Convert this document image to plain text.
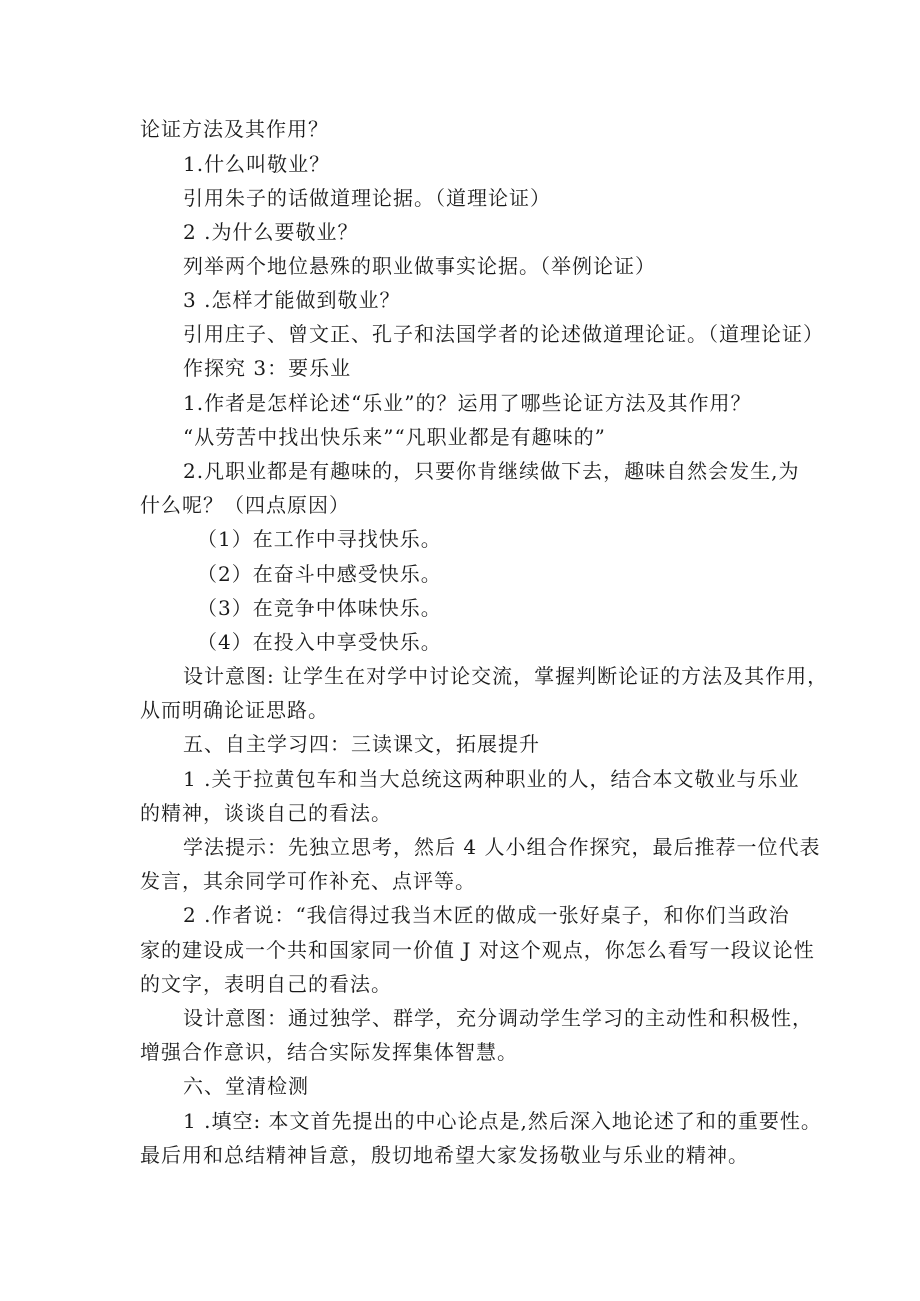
论证方法及其作用？
1.什么叫敬业？
引用朱子的话做道理论据。（道理论证）
2 .为什么要敬业？
列举两个地位悬殊的职业做事实论据。（举例论证）
3 .怎样才能做到敬业？
引用庄子、曾文正、孔子和法国学者的论述做道理论证。（道理论证）
作探究 3：要乐业
1.作者是怎样论述“乐业”的？运用了哪些论证方法及其作用？
“从劳苦中找出快乐来”“凡职业都是有趣味的”
2.凡职业都是有趣味的，只要你肯继续做下去，趣味自然会发生,为
什么呢？（四点原因）
（1）在工作中寻找快乐。
（2）在奋斗中感受快乐。
（3）在竞争中体味快乐。
（4）在投入中享受快乐。
设计意图: 让学生在对学中讨论交流，掌握判断论证的方法及其作用，
从而明确论证思路。
五、自主学习四：三读课文，拓展提升
1 .关于拉黄包车和当大总统这两种职业的人，结合本文敬业与乐业
的精神，谈谈自己的看法。
学法提示：先独立思考，然后 4 人小组合作探究，最后推荐一位代表
发言，其余同学可作补充、点评等。
2 .作者说：“我信得过我当木匠的做成一张好桌子，和你们当政治
家的建设成一个共和国家同一价值 J 对这个观点，你怎么看写一段议论性
的文字，表明自己的看法。
设计意图：通过独学、群学，充分调动学生学习的主动性和积极性，
增强合作意识，结合实际发挥集体智慧。
六、堂清检测
1 .填空: 本文首先提出的中心论点是,然后深入地论述了和的重要性。
最后用和总结精神旨意，殷切地希望大家发扬敬业与乐业的精神。
